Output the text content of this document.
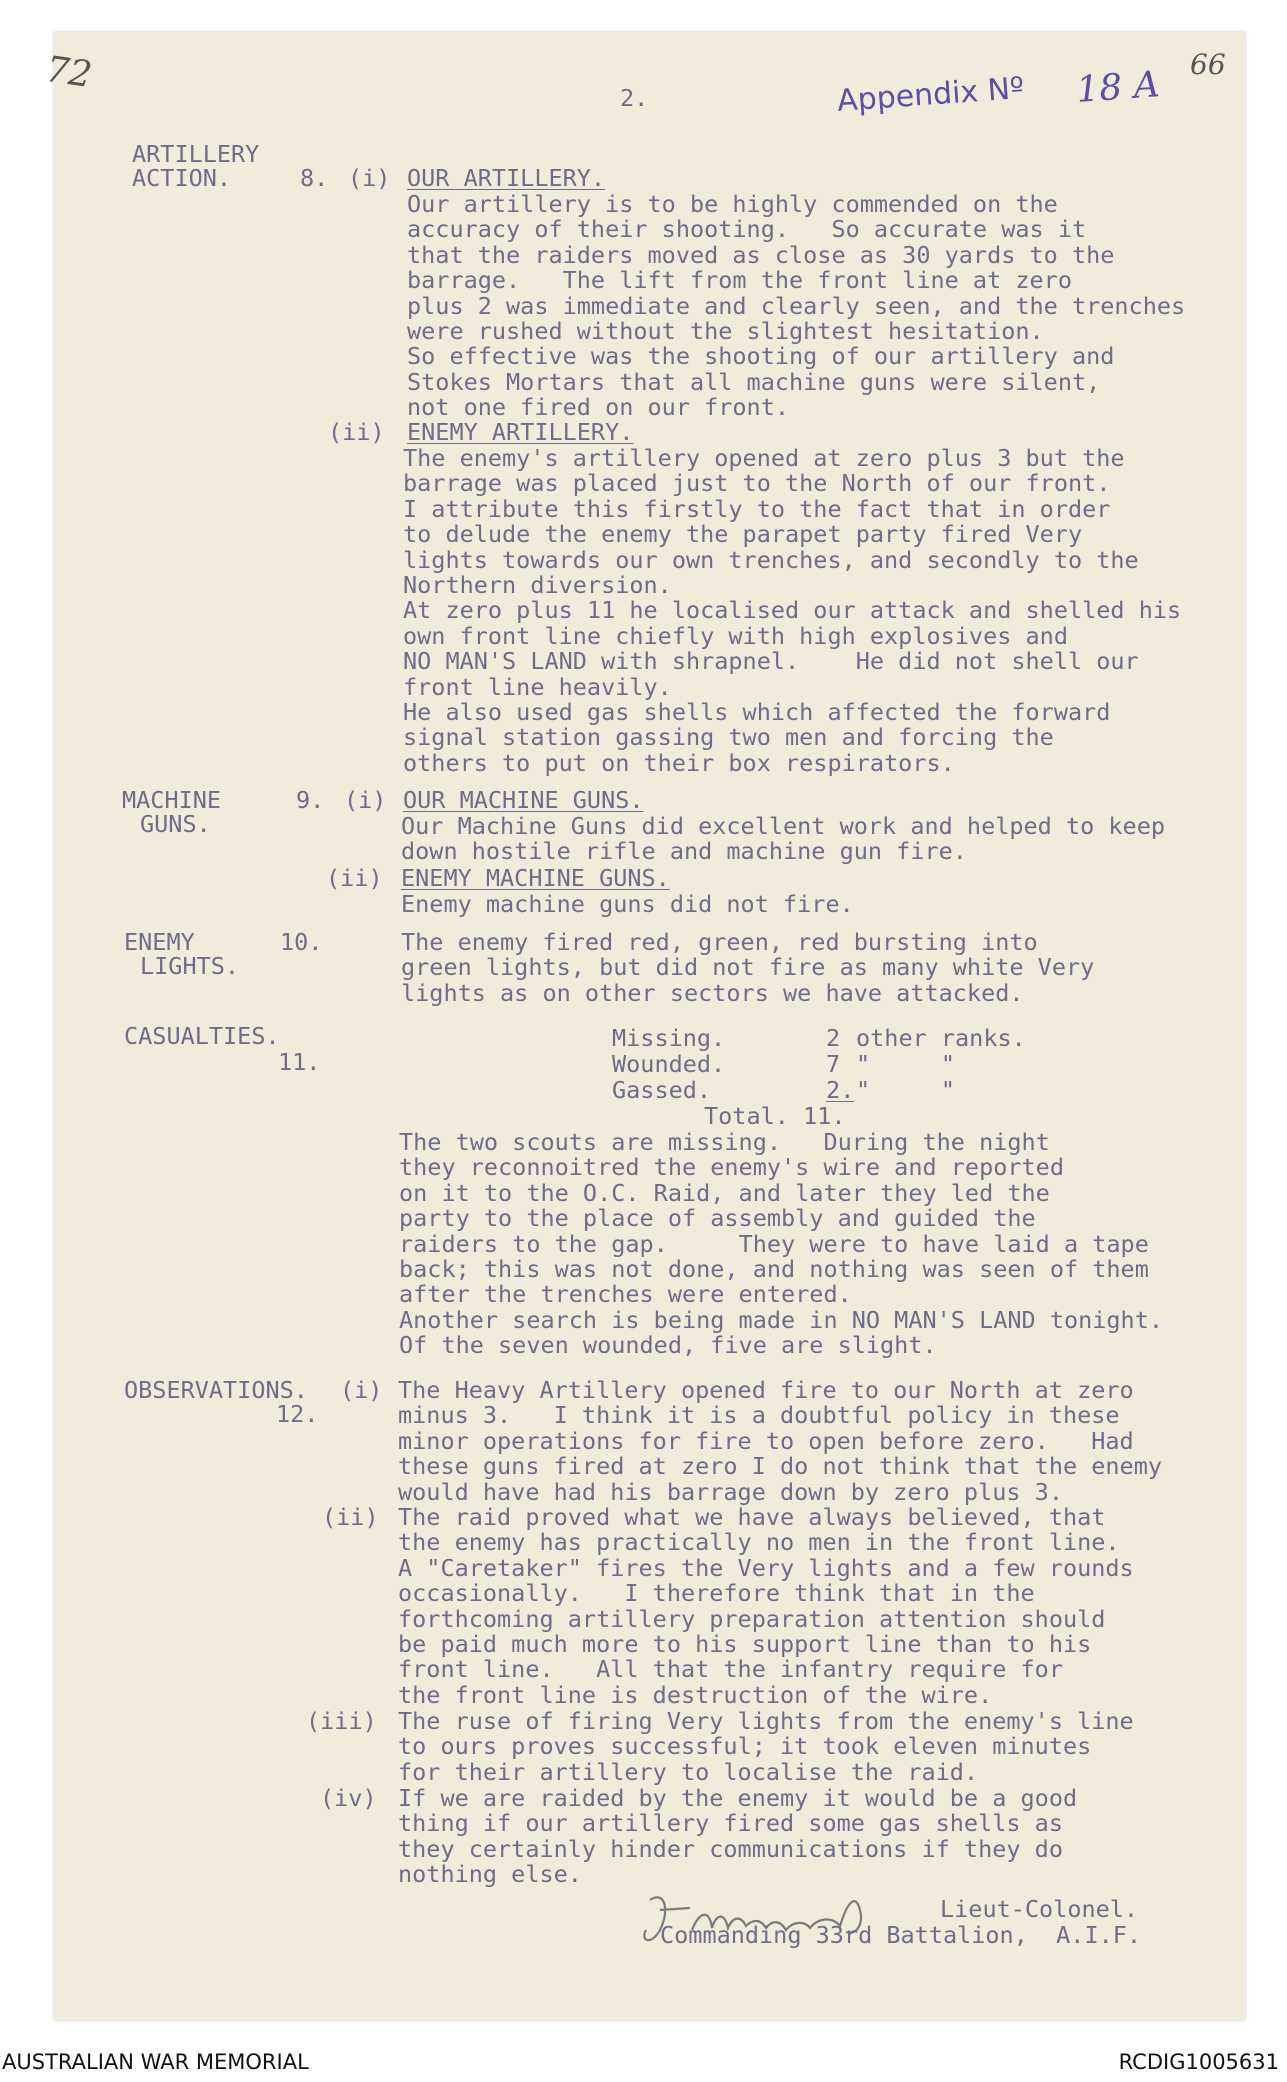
72	66
2.	Appendix Nº 18 A
ARTILLERY
ACTION.	8. (i) OUR ARTILLERY.
Our artillery is to be highly commended on the
accuracy of their shooting.   So accurate was it
that the raiders moved as close as 30 yards to the
barrage.   The lift from the front line at zero
plus 2 was immediate and clearly seen, and the trenches
were rushed without the slightest hesitation.
So effective was the shooting of our artillery and
Stokes Mortars that all machine guns were silent,
not one fired on our front.
(ii) ENEMY ARTILLERY.
The enemy's artillery opened at zero plus 3 but the
barrage was placed just to the North of our front.
I attribute this firstly to the fact that in order
to delude the enemy the parapet party fired Very
lights towards our own trenches, and secondly to the
Northern diversion.
At zero plus 11 he localised our attack and shelled his
own front line chiefly with high explosives and
NO MAN'S LAND with shrapnel.    He did not shell our
front line heavily.
He also used gas shells which affected the forward
signal station gassing two men and forcing the
others to put on their box respirators.
MACHINE
GUNS.
9. (i) OUR MACHINE GUNS.
Our Machine Guns did excellent work and helped to keep
down hostile rifle and machine gun fire.
(ii) ENEMY MACHINE GUNS.
Enemy machine guns did not fire.
ENEMY
LIGHTS.
10.	The enemy fired red, green, red bursting into
green lights, but did not fire as many white Very
lights as on other sectors we have attacked.
CASUALTIES.
11.
Missing.	2 other ranks.
Wounded.	7 "     "
Gassed.	2. "     "
Total. 11.
The two scouts are missing.   During the night
they reconnoitred the enemy's wire and reported
on it to the O.C. Raid, and later they led the
party to the place of assembly and guided the
raiders to the gap.     They were to have laid a tape
back; this was not done, and nothing was seen of them
after the trenches were entered.
Another search is being made in NO MAN'S LAND tonight.
Of the seven wounded, five are slight.
OBSERVATIONS.
12.
(i) The Heavy Artillery opened fire to our North at zero
minus 3.   I think it is a doubtful policy in these
minor operations for fire to open before zero.   Had
these guns fired at zero I do not think that the enemy
would have had his barrage down by zero plus 3.
(ii) The raid proved what we have always believed, that
the enemy has practically no men in the front line.
A "Caretaker" fires the Very lights and a few rounds
occasionally.   I therefore think that in the
forthcoming artillery preparation attention should
be paid much more to his support line than to his
front line.   All that the infantry require for
the front line is destruction of the wire.
(iii) The ruse of firing Very lights from the enemy's line
to ours proves successful; it took eleven minutes
for their artillery to localise the raid.
(iv) If we are raided by the enemy it would be a good
thing if our artillery fired some gas shells as
they certainly hinder communications if they do
nothing else.
Lieut-Colonel.
Commanding 33rd Battalion,  A.I.F.
AUSTRALIAN WAR MEMORIAL	RCDIG1005631
